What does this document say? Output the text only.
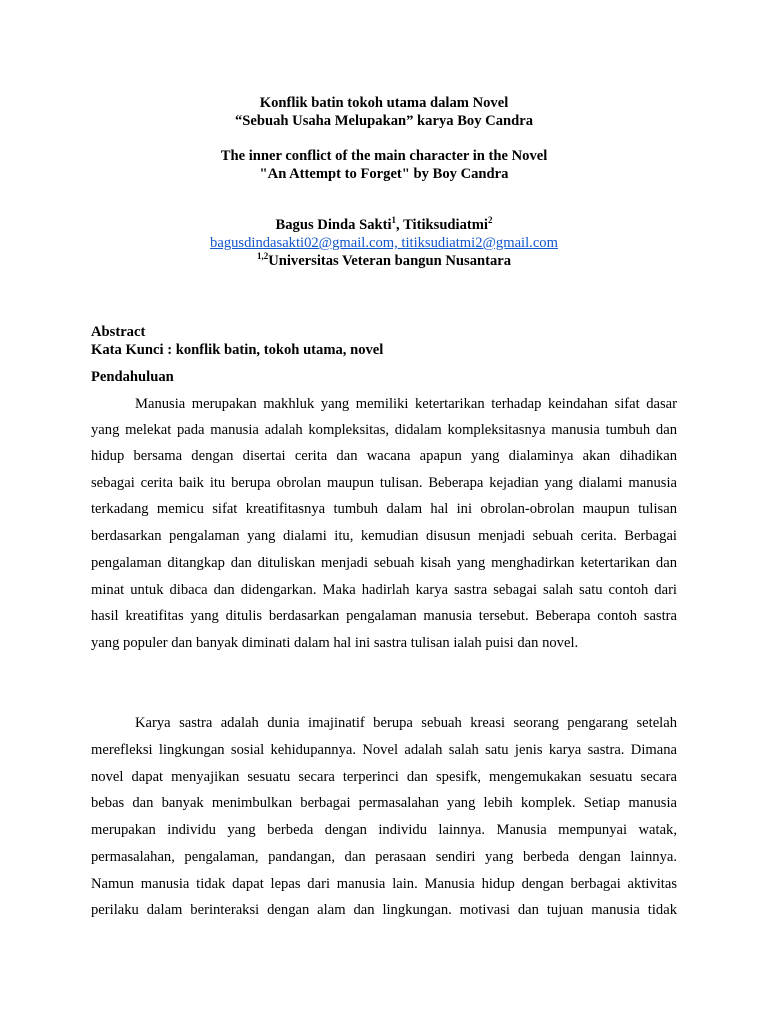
Konflik batin tokoh utama dalam Novel
“Sebuah Usaha Melupakan” karya Boy Candra
The inner conflict of the main character in the Novel
"An Attempt to Forget" by Boy Candra
Bagus Dinda Sakti$^1$, Titiksudiatmi$^2$
bagusdindasakti02@gmail.com, titiksudiatmi2@gmail.com
$^{1,2}$Universitas Veteran bangun Nusantara
Abstract
Kata Kunci : konflik batin, tokoh utama, novel
Pendahuluan
Manusia merupakan makhluk yang memiliki ketertarikan terhadap keindahan sifat dasar
yang melekat pada manusia adalah kompleksitas, didalam kompleksitasnya manusia tumbuh dan
hidup bersama dengan disertai cerita dan wacana apapun yang dialaminya akan dihadikan
sebagai cerita baik itu berupa obrolan maupun tulisan. Beberapa kejadian yang dialami manusia
terkadang memicu sifat kreatifitasnya tumbuh dalam hal ini obrolan-obrolan maupun tulisan
berdasarkan pengalaman yang dialami itu, kemudian disusun menjadi sebuah cerita. Berbagai
pengalaman ditangkap dan dituliskan menjadi sebuah kisah yang menghadirkan ketertarikan dan
minat untuk dibaca dan didengarkan. Maka hadirlah karya sastra sebagai salah satu contoh dari
hasil kreatifitas yang ditulis berdasarkan pengalaman manusia tersebut. Beberapa contoh sastra
yang populer dan banyak diminati dalam hal ini sastra tulisan ialah puisi dan novel.
Karya sastra adalah dunia imajinatif berupa sebuah kreasi seorang pengarang setelah
merefleksi lingkungan sosial kehidupannya. Novel adalah salah satu jenis karya sastra. Dimana
novel dapat menyajikan sesuatu secara terperinci dan spesifk, mengemukakan sesuatu secara
bebas dan banyak menimbulkan berbagai permasalahan yang lebih komplek. Setiap manusia
merupakan individu yang berbeda dengan individu lainnya. Manusia mempunyai watak,
permasalahan, pengalaman, pandangan, dan perasaan sendiri yang berbeda dengan lainnya.
Namun manusia tidak dapat lepas dari manusia lain. Manusia hidup dengan berbagai aktivitas
perilaku dalam berinteraksi dengan alam dan lingkungan. motivasi dan tujuan manusia tidak
